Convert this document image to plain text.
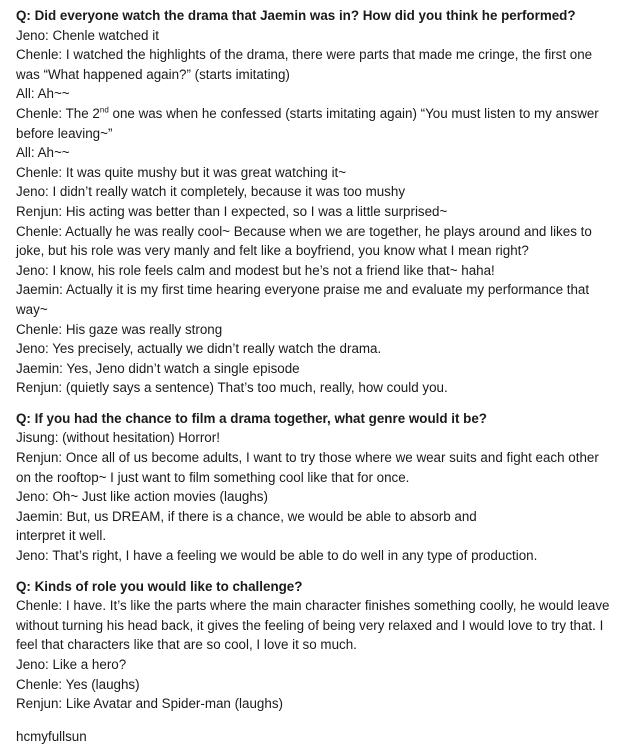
Q: Did everyone watch the drama that Jaemin was in? How did you think he performed?
Jeno: Chenle watched it
Chenle: I watched the highlights of the drama, there were parts that made me cringe, the first one
was “What happened again?” (starts imitating)
All: Ah~~
Chenle: The 2nd one was when he confessed (starts imitating again) “You must listen to my answer
before leaving~”
All: Ah~~
Chenle: It was quite mushy but it was great watching it~
Jeno: I didn’t really watch it completely, because it was too mushy
Renjun: His acting was better than I expected, so I was a little surprised~
Chenle: Actually he was really cool~ Because when we are together, he plays around and likes to
joke, but his role was very manly and felt like a boyfriend, you know what I mean right?
Jeno: I know, his role feels calm and modest but he’s not a friend like that~ haha!
Jaemin: Actually it is my first time hearing everyone praise me and evaluate my performance that
way~
Chenle: His gaze was really strong
Jeno: Yes precisely, actually we didn’t really watch the drama.
Jaemin: Yes, Jeno didn’t watch a single episode
Renjun: (quietly says a sentence) That’s too much, really, how could you.
Q: If you had the chance to film a drama together, what genre would it be?
Jisung: (without hesitation) Horror!
Renjun: Once all of us become adults, I want to try those where we wear suits and fight each other
on the rooftop~ I just want to film something cool like that for once.
Jeno: Oh~ Just like action movies (laughs)
Jaemin: But, us DREAM, if there is a chance, we would be able to absorb and
interpret it well.
Jeno: That’s right, I have a feeling we would be able to do well in any type of production.
Q: Kinds of role you would like to challenge?
Chenle: I have. It’s like the parts where the main character finishes something coolly, he would leave
without turning his head back, it gives the feeling of being very relaxed and I would love to try that. I
feel that characters like that are so cool, I love it so much.
Jeno: Like a hero?
Chenle: Yes (laughs)
Renjun: Like Avatar and Spider-man (laughs)
hcmyfullsun
